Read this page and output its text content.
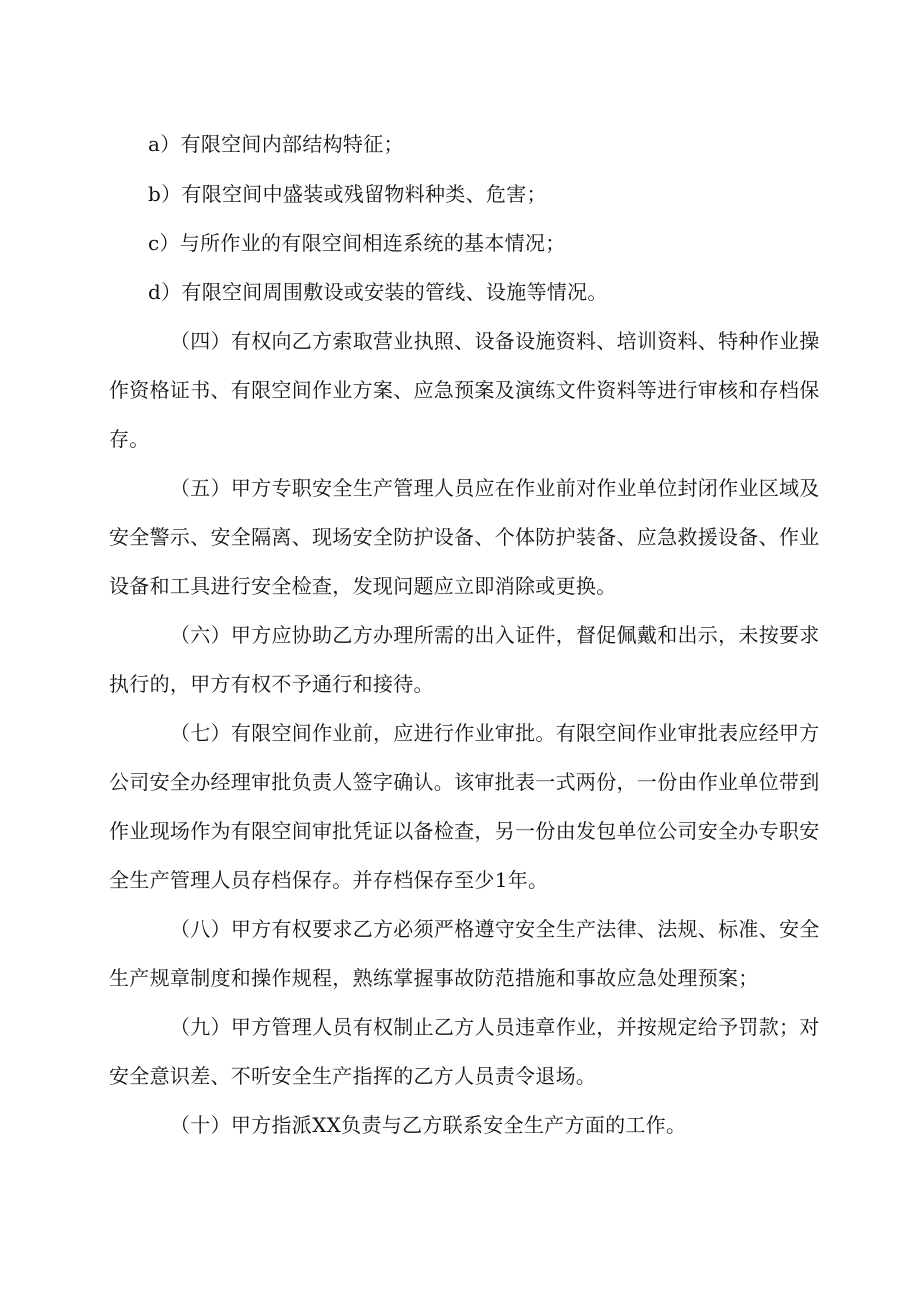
a）有限空间内部结构特征；
b）有限空间中盛装或残留物料种类、危害；
c）与所作业的有限空间相连系统的基本情况；
d）有限空间周围敷设或安装的管线、设施等情况。
（四）有权向乙方索取营业执照、设备设施资料、培训资料、特种作业操
作资格证书、有限空间作业方案、应急预案及演练文件资料等进行审核和存档保
存。
（五）甲方专职安全生产管理人员应在作业前对作业单位封闭作业区域及
安全警示、安全隔离、现场安全防护设备、个体防护装备、应急救援设备、作业
设备和工具进行安全检查，发现问题应立即消除或更换。
（六）甲方应协助乙方办理所需的出入证件，督促佩戴和出示，未按要求
执行的，甲方有权不予通行和接待。
（七）有限空间作业前，应进行作业审批。有限空间作业审批表应经甲方
公司安全办经理审批负责人签字确认。该审批表一式两份，一份由作业单位带到
作业现场作为有限空间审批凭证以备检查，另一份由发包单位公司安全办专职安
全生产管理人员存档保存。并存档保存至少1年。
（八）甲方有权要求乙方必须严格遵守安全生产法律、法规、标准、安全
生产规章制度和操作规程，熟练掌握事故防范措施和事故应急处理预案；
（九）甲方管理人员有权制止乙方人员违章作业，并按规定给予罚款；对
安全意识差、不听安全生产指挥的乙方人员责令退场。
（十）甲方指派XX负责与乙方联系安全生产方面的工作。
